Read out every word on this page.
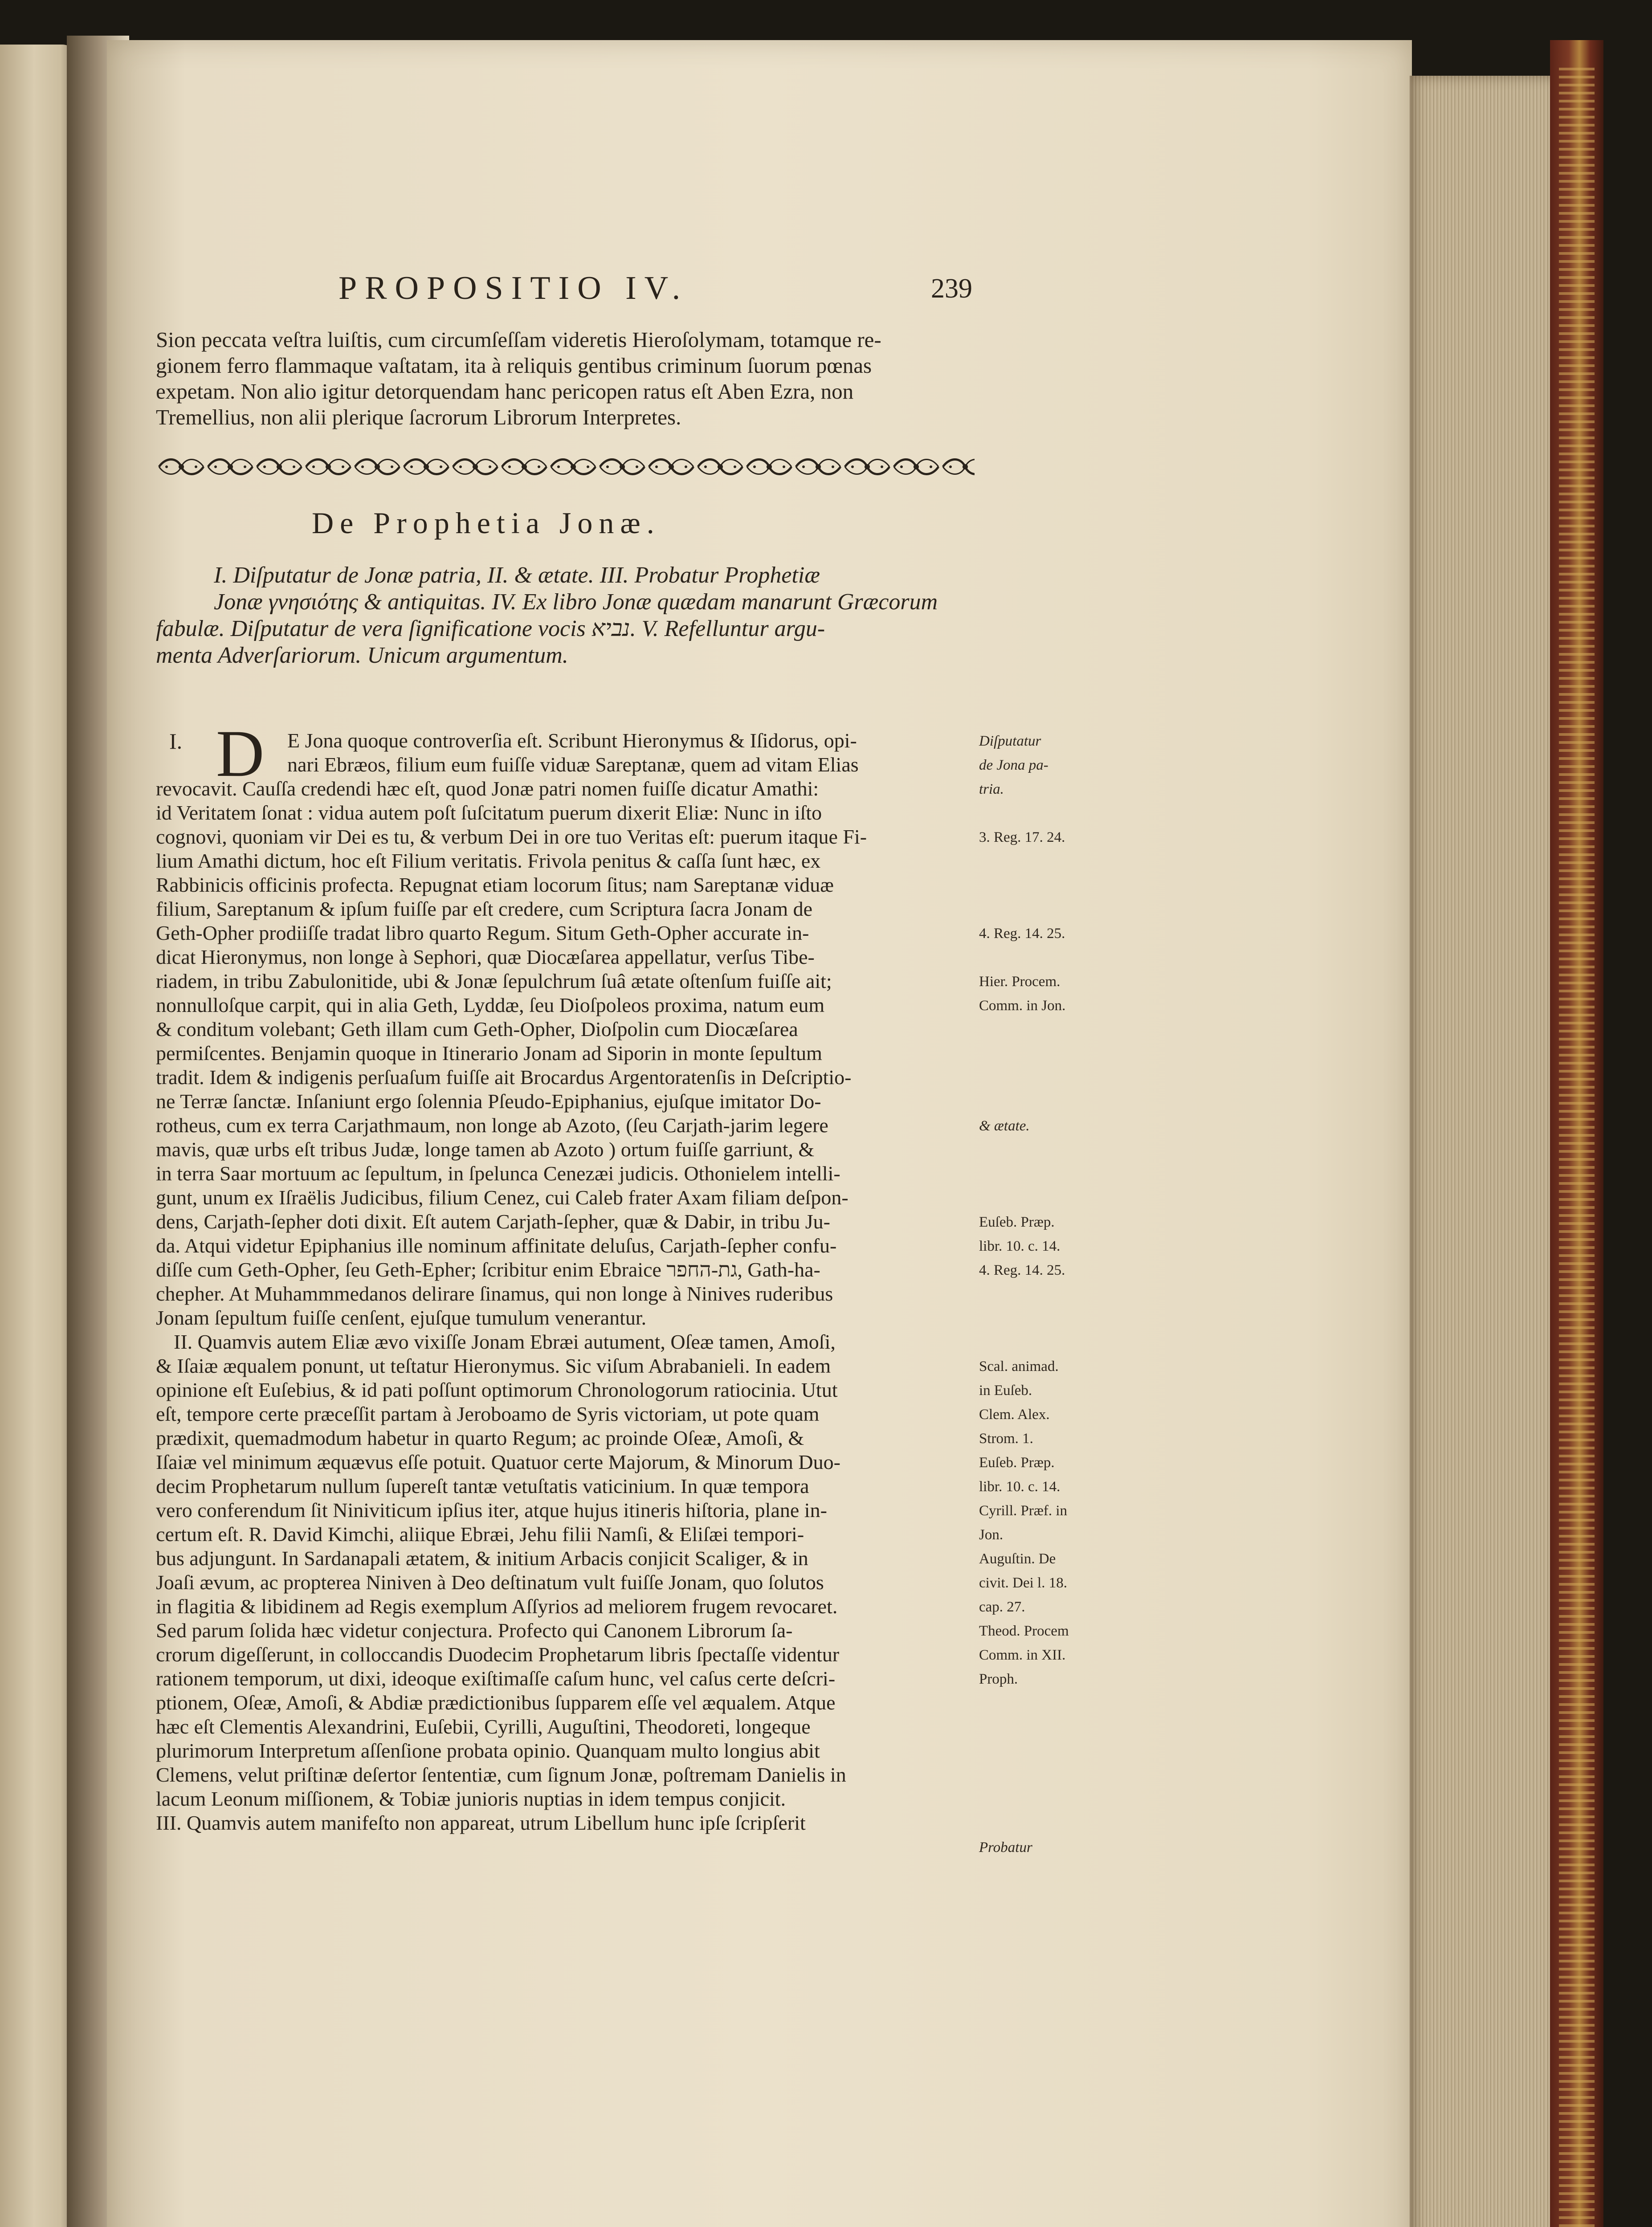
PROPOSITIO IV.	239
Sion peccata veſtra luiſtis, cum circumſeſſam videretis Hieroſolymam, totamque re-
gionem ferro flammaque vaſtatam, ita à reliquis gentibus criminum ſuorum pœnas
expetam. Non alio igitur detorquendam hanc pericopen ratus eſt Aben Ezra, non
Tremellius, non alii plerique ſacrorum Librorum Interpretes.
De Prophetia Jonæ.
I. Diſputatur de Jonæ patria, II. & ætate. III. Probatur Prophetiæ
Jonæ γνησιότης & antiquitas. IV. Ex libro Jonæ quædam manarunt Græcorum
fabulæ. Diſputatur de vera ſignificatione vocis נביא. V. Refelluntur argu-
menta Adverſariorum. Unicum argumentum.
I. D E Jona quoque controverſia eſt. Scribunt Hieronymus & Iſidorus, opi-
nari Ebræos, filium eum fuiſſe viduæ Sareptanæ, quem ad vitam Elias
revocavit. Cauſſa credendi hæc eſt, quod Jonæ patri nomen fuiſſe dicatur Amathi:
id Veritatem ſonat : vidua autem poſt ſuſcitatum puerum dixerit Eliæ: Nunc in iſto
cognovi, quoniam vir Dei es tu, & verbum Dei in ore tuo Veritas eſt: puerum itaque Fi-
lium Amathi dictum, hoc eſt Filium veritatis. Frivola penitus & caſſa ſunt hæc, ex
Rabbinicis officinis profecta. Repugnat etiam locorum ſitus; nam Sareptanæ viduæ
filium, Sareptanum & ipſum fuiſſe par eſt credere, cum Scriptura ſacra Jonam de
Geth-Opher prodiiſſe tradat libro quarto Regum. Situm Geth-Opher accurate in-
dicat Hieronymus, non longe à Sephori, quæ Diocæſarea appellatur, verſus Tibe-
riadem, in tribu Zabulonitide, ubi & Jonæ ſepulchrum ſuâ ætate oſtenſum fuiſſe ait;
nonnulloſque carpit, qui in alia Geth, Lyddæ, ſeu Dioſpoleos proxima, natum eum
& conditum volebant; Geth illam cum Geth-Opher, Dioſpolin cum Diocæſarea
permiſcentes. Benjamin quoque in Itinerario Jonam ad Siporin in monte ſepultum
tradit. Idem & indigenis perſuaſum fuiſſe ait Brocardus Argentoratenſis in Deſcriptio-
ne Terræ ſanctæ. Inſaniunt ergo ſolennia Pſeudo-Epiphanius, ejuſque imitator Do-
rotheus, cum ex terra Carjathmaum, non longe ab Azoto, (ſeu Carjath-jarim legere
mavis, quæ urbs eſt tribus Judæ, longe tamen ab Azoto ) ortum fuiſſe garriunt, &
in terra Saar mortuum ac ſepultum, in ſpelunca Cenezæi judicis. Othonielem intelli-
gunt, unum ex Iſraëlis Judicibus, filium Cenez, cui Caleb frater Axam filiam deſpon-
dens, Carjath-ſepher doti dixit. Eſt autem Carjath-ſepher, quæ & Dabir, in tribu Ju-
da. Atqui videtur Epiphanius ille nominum affinitate deluſus, Carjath-ſepher confu-
diſſe cum Geth-Opher, ſeu Geth-Epher; ſcribitur enim Ebraice גת-החפר, Gath-ha-
chepher. At Muhammmedanos delirare ſinamus, qui non longe à Ninives ruderibus
Jonam ſepultum fuiſſe cenſent, ejuſque tumulum venerantur.
II. Quamvis autem Eliæ ævo vixiſſe Jonam Ebræi autument, Oſeæ tamen, Amoſi,
& Iſaiæ æqualem ponunt, ut teſtatur Hieronymus. Sic viſum Abrabanieli. In eadem
opinione eſt Euſebius, & id pati poſſunt optimorum Chronologorum ratiocinia. Utut
eſt, tempore certe præceſſit partam à Jeroboamo de Syris victoriam, ut pote quam
prædixit, quemadmodum habetur in quarto Regum; ac proinde Oſeæ, Amoſi, &
Iſaiæ vel minimum æquævus eſſe potuit. Quatuor certe Majorum, & Minorum Duo-
decim Prophetarum nullum ſupereſt tantæ vetuſtatis vaticinium. In quæ tempora
vero conferendum ſit Niniviticum ipſius iter, atque hujus itineris hiſtoria, plane in-
certum eſt. R. David Kimchi, aliique Ebræi, Jehu filii Namſi, & Eliſæi tempori-
bus adjungunt. In Sardanapali ætatem, & initium Arbacis conjicit Scaliger, & in
Joaſi ævum, ac propterea Niniven à Deo deſtinatum vult fuiſſe Jonam, quo ſolutos
in flagitia & libidinem ad Regis exemplum Aſſyrios ad meliorem frugem revocaret.
Sed parum ſolida hæc videtur conjectura. Profecto qui Canonem Librorum ſa-
crorum digeſſerunt, in colloccandis Duodecim Prophetarum libris ſpectaſſe videntur
rationem temporum, ut dixi, ideoque exiſtimaſſe caſum hunc, vel caſus certe deſcri-
ptionem, Oſeæ, Amoſi, & Abdiæ prædictionibus ſupparem eſſe vel æqualem. Atque
hæc eſt Clementis Alexandrini, Euſebii, Cyrilli, Auguſtini, Theodoreti, longeque
plurimorum Interpretum aſſenſione probata opinio. Quanquam multo longius abit
Clemens, velut priſtinæ deſertor ſententiæ, cum ſignum Jonæ, poſtremam Danielis in
lacum Leonum miſſionem, & Tobiæ junioris nuptias in idem tempus conjicit.
III. Quamvis autem manifeſto non appareat, utrum Libellum hunc ipſe ſcripſerit
Diſputatur
de Jona pa-
tria.
3. Reg. 17. 24.
4. Reg. 14. 25.
Hier. Procem.
Comm. in Jon.
& ætate.
Euſeb. Præp.
libr. 10. c. 14.
4. Reg. 14. 25.
Scal. animad.
in Euſeb.
Clem. Alex.
Strom. 1.
Euſeb. Præp.
libr. 10. c. 14.
Cyrill. Præf. in
Jon.
Auguſtin. De
civit. Dei l. 18.
cap. 27.
Theod. Procem
Comm. in XII.
Proph.
Probatur
